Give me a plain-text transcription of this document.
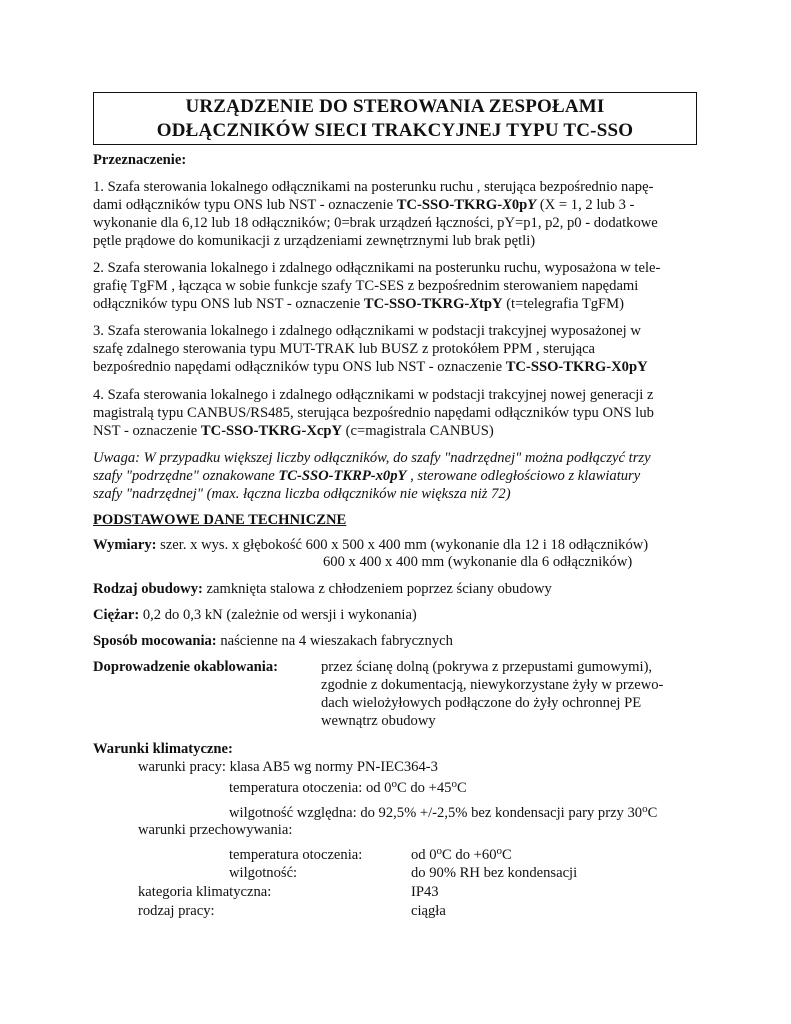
URZĄDZENIE DO STEROWANIA ZESPOŁAMI
ODŁĄCZNIKÓW SIECI TRAKCYJNEJ TYPU TC-SSO
Przeznaczenie:
1. Szafa sterowania lokalnego odłącznikami na posterunku ruchu , sterująca bezpośrednio napę-
dami odłączników typu ONS lub NST - oznaczenie TC-SSO-TKRG-X0pY (X = 1, 2 lub 3 -
wykonanie dla 6,12 lub 18 odłączników; 0=brak urządzeń łączności, pY=p1, p2, p0 - dodatkowe
pętle prądowe do komunikacji z urządzeniami zewnętrznymi lub brak pętli)
2. Szafa sterowania lokalnego i zdalnego odłącznikami na posterunku ruchu, wyposażona w tele-
grafię TgFM , łącząca w sobie funkcje szafy TC-SES z bezpośrednim sterowaniem napędami
odłączników typu ONS lub NST - oznaczenie TC-SSO-TKRG-XtpY (t=telegrafia TgFM)
3. Szafa sterowania lokalnego i zdalnego odłącznikami w podstacji trakcyjnej wyposażonej w
szafę zdalnego sterowania typu MUT-TRAK lub BUSZ z protokółem PPM , sterująca
bezpośrednio napędami odłączników typu ONS lub NST - oznaczenie TC-SSO-TKRG-X0pY
4. Szafa sterowania lokalnego i zdalnego odłącznikami w podstacji trakcyjnej nowej generacji z
magistralą typu CANBUS/RS485, sterująca bezpośrednio napędami odłączników typu ONS lub
NST - oznaczenie TC-SSO-TKRG-XcpY (c=magistrala CANBUS)
Uwaga: W przypadku większej liczby odłączników, do szafy "nadrzędnej" można podłączyć trzy
szafy "podrzędne" oznakowane TC-SSO-TKRP-x0pY , sterowane odległościowo z klawiatury
szafy "nadrzędnej" (max. łączna liczba odłączników nie większa niż 72)
PODSTAWOWE DANE TECHNICZNE
Wymiary: szer. x wys. x głębokość 600 x 500 x 400 mm (wykonanie dla 12 i 18 odłączników)
600 x 400 x 400 mm (wykonanie dla 6 odłączników)
Rodzaj obudowy: zamknięta stalowa z chłodzeniem poprzez ściany obudowy
Ciężar: 0,2 do 0,3 kN (zależnie od wersji i wykonania)
Sposób mocowania: naścienne na 4 wieszakach fabrycznych
Doprowadzenie okablowania:	przez ścianę dolną (pokrywa z przepustami gumowymi),
zgodnie z dokumentacją, niewykorzystane żyły w przewo-
dach wielożyłowych podłączone do żyły ochronnej PE
wewnątrz obudowy
Warunki klimatyczne:
warunki pracy: klasa AB5 wg normy PN-IEC364-3
temperatura otoczenia: od 0$^o$C do $+45^oC$
wilgotność względna: do 92,5% +/-2,5% bez kondensacji pary przy 30$^o$C
warunki przechowywania:
temperatura otoczenia:	od 0$^o$C do $+60^oC$
wilgotność:	do 90% RH bez kondensacji
kategoria klimatyczna:	IP43
rodzaj pracy:	ciągła
